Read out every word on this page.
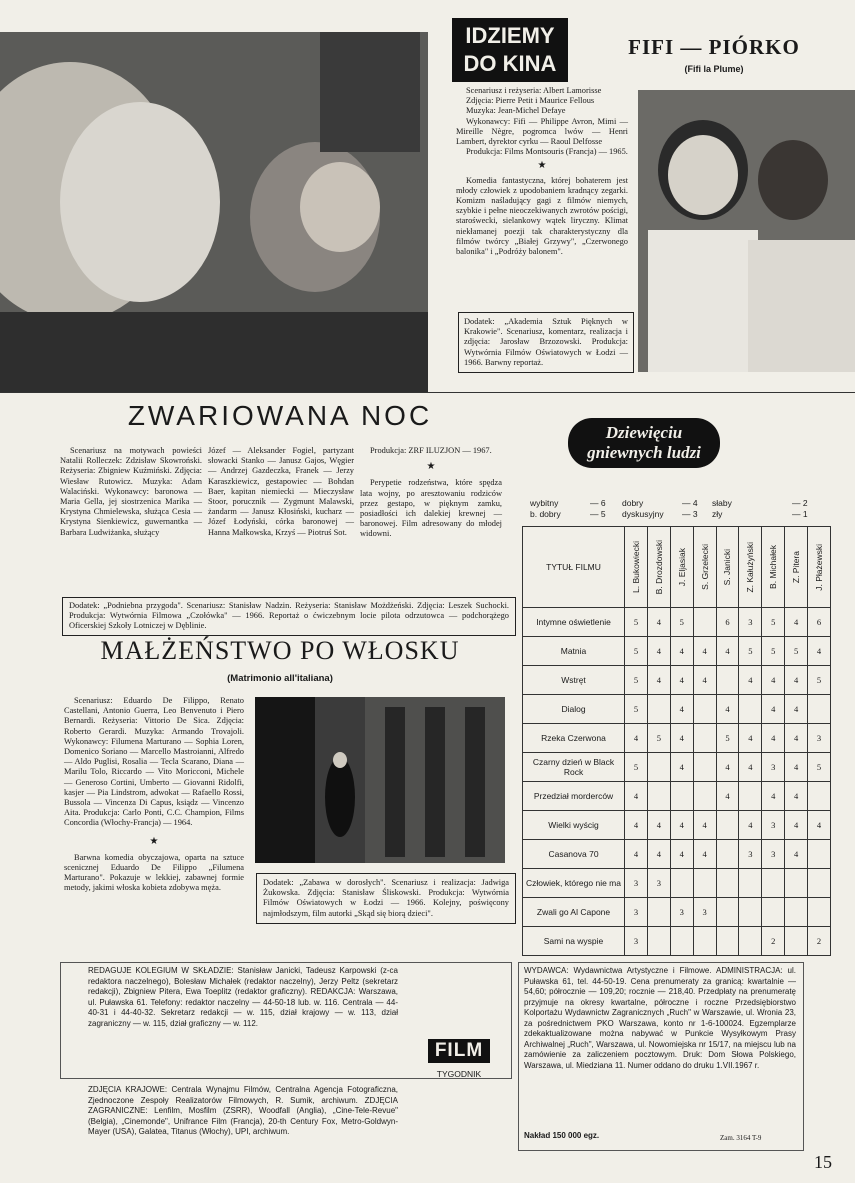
IDZIEMY
DO KINA
FIFI — PIÓRKO
(Fifi la Plume)

Scenariusz i reżyseria: Albert Lamorisse

Zdjęcia: Pierre Petit i Maurice Fellous

Muzyka: Jean-Michel Defaye

Wykonawcy: Fifi — Philippe Avron, Mimi — Mireille Nègre, pogromca lwów — Henri Lambert, dyrektor cyrku — Raoul Delfosse

Produkcja: Films Montsouris (Francja) — 1965.

★

Komedia fantastyczna, której bohaterem jest młody człowiek z upodobaniem kradnący zegarki. Komizm naśladujący gagi z filmów niemych, szybkie i pełne nieoczekiwanych zwrotów pościgi, starośwecki, sielankowy wątek liryczny. Klimat niekłamanej poezji tak charakterystyczny dla filmów twórcy „Białej Grzywy", „Czerwonego balonika" i „Podróży balonem".

Dodatek: „Akademia Sztuk Pięknych w Krakowie". Scenariusz, komentarz, realizacja i zdjęcia: Jarosław Brzozowski. Produkcja: Wytwórnia Filmów Oświatowych w Łodzi — 1966. Barwny reportaż.
ZWARIOWANA NOC

Scenariusz na motywach powieści Natalii Rolleczek: Zdzisław Skowroński. Reżyseria: Zbigniew Kuźmiński. Zdjęcia: Wiesław Rutowicz. Muzyka: Adam Walaciński. Wykonawcy: baronowa — Maria Gella, jej siostrzenica Marika — Krystyna Chmielewska, służąca Cesia — Krystyna Sienkiewicz, guwernantka — Barbara Ludwiżanka, służący

Józef — Aleksander Fogiel, partyzant słowacki Stanko — Janusz Gajos, Węgier — Andrzej Gazdeczka, Franek — Jerzy Karaszkiewicz, gestapowiec — Bohdan Baer, kapitan niemiecki — Mieczysław Stoor, porucznik — Zygmunt Malawski, żandarm — Janusz Kłosiński, kucharz — Józef Łodyński, córka baronowej — Hanna Małkowska, Krzyś — Piotruś Sot.

Produkcja: ZRF ILUZJON — 1967.

★

Perypetie rodzeństwa, które spędza lata wojny, po aresztowaniu rodziców przez gestapo, w pięknym zamku, posiadłości ich dalekiej krewnej — baronowej. Film adresowany do młodej widowni.

Dodatek: „Podniebna przygoda". Scenariusz: Stanisław Nadzin. Reżyseria: Stanisław Możdżeński. Zdjęcia: Leszek Suchocki. Produkcja: Wytwórnia Filmowa „Czołówka" — 1966. Reportaż o ćwiczebnym locie pilota odrzutowca — podchorążego Oficerskiej Szkoły Lotniczej w Dęblinie.
MAŁŻEŃSTWO PO WŁOSKU
(Matrimonio all'italiana)

Scenariusz: Eduardo De Filippo, Renato Castellani, Antonio Guerra, Leo Benvenuto i Piero Bernardi. Reżyseria: Vittorio De Sica. Zdjęcia: Roberto Gerardi. Muzyka: Armando Trovajoli. Wykonawcy: Filumena Marturano — Sophia Loren, Domenico Soriano — Marcello Mastroianni, Alfredo — Aldo Puglisi, Rosalia — Tecla Scarano, Diana — Marilu Tolo, Riccardo — Vito Moricconi, Michele — Generoso Cortini, Umberto — Giovanni Ridolfi, kasjer — Pia Lindstrom, adwokat — Rafaello Rossi, Bussola — Vincenza Di Capus, ksiądz — Vincenzo Aita. Produkcja: Carlo Ponti, C.C. Champion, Films Concordia (Włochy-Francja) — 1964.

★

Barwna komedia obyczajowa, oparta na sztuce scenicznej Eduardo De Filippo „Filumena Marturano". Pokazuje w lekkiej, zabawnej formie metody, jakimi włoska kobieta zdobywa męża.

Dodatek: „Zabawa w dorosłych". Scenariusz i realizacja: Jadwiga Żukowska. Zdjęcia: Stanisław Śliskowski. Produkcja: Wytwórnia Filmów Oświatowych w Łodzi — 1966. Kolejny, poświęcony najmłodszym, film autorki „Skąd się biorą dzieci".
Dziewięciu
gniewnych ludzi
wybitny	— 6 dobry	— 4 słaby	— 2
b. dobry	— 5 dyskusyjny — 3 zły	— 1
TYTUŁ FILMU	L. Bukowiecki	B. Drozdowski	J. Eljasiak	S. Grzelecki	S. Janicki	Z. Kałużyński	B. Michałek	Z. Pitera	J. Płażewski

Intymne oświetlenie	5	4	5		6	3	5	4	6
Matnia	5	4	4	4	4	5	5	5	4
Wstręt	5	4	4	4		4	4	4	5
Dialog	5		4		4		4	4	
Rzeka Czerwona	4	5	4		5	4	4	4	3
Czarny dzień w Black Rock	5		4		4	4	3	4	5
Przedział morderców	4				4		4	4	
Wielki wyścig	4	4	4	4		4	3	4	4
Casanova 70	4	4	4	4		3	3	4	
Człowiek, którego nie ma	3	3							
Zwali go Al Capone	3		3	3					
Sami na wyspie	3						2		2
REDAGUJE KOLEGIUM W SKŁADZIE: Stanisław Janicki, Tadeusz Karpowski (z-ca redaktora naczelnego), Bolesław Michałek (redaktor naczelny), Jerzy Peltz (sekretarz redakcji), Zbigniew Pitera, Ewa Toeplitz (redaktor graficzny). REDAKCJA: Warszawa, ul. Puławska 61. Telefony: redaktor naczelny — 44-50-18 lub. w. 116. Centrala — 44-40-31 i 44-40-32. Sekretarz redakcji — w. 115, dział krajowy — w. 113, dział zagraniczny — w. 115, dział graficzny — w. 112.
WYDAWCA: Wydawnictwa Artystyczne i Filmowe. ADMINISTRACJA: ul. Puławska 61, tel. 44-50-19. Cena prenumeraty za granicą: kwartalnie — 54,60; półrocznie — 109,20; rocznie — 218,40. Przedpłaty na prenumeratę przyjmuje na okresy kwartalne, półroczne i roczne Przedsiębiorstwo Kolportażu Wydawnictw Zagranicznych „Ruch" w Warszawie, ul. Wronia 23, za pośrednictwem PKO Warszawa, konto nr 1-6-100024. Egzemplarze zdekaktualizowane można nabywać w Punkcie Wysyłkowym Prasy Archiwalnej „Ruch", Warszawa, ul. Nowomiejska nr 15/17, na miejscu lub na zamówienie za zaliczeniem pocztowym. Druk: Dom Słowa Polskiego, Warszawa, ul. Miedziana 11. Numer oddano do druku 1.VII.1967 r.
Nakład 150 000 egz.	Zam. 3164 T-9
ZDJĘCIA KRAJOWE: Centrala Wynajmu Filmów, Centralna Agencja Fotograficzna, Zjednoczone Zespoły Realizatorów Filmowych, R. Sumik, archiwum. ZDJĘCIA ZAGRANICZNE: Lenfilm, Mosfilm (ZSRR), Woodfall (Anglia), „Cine-Tele-Revue" (Belgia), „Cinemonde", Unifrance Film (Francja), 20-th Century Fox, Metro-Goldwyn-Mayer (USA), Galatea, Titanus (Włochy), UPI, archiwum.
FILM
TYGODNIK
15
